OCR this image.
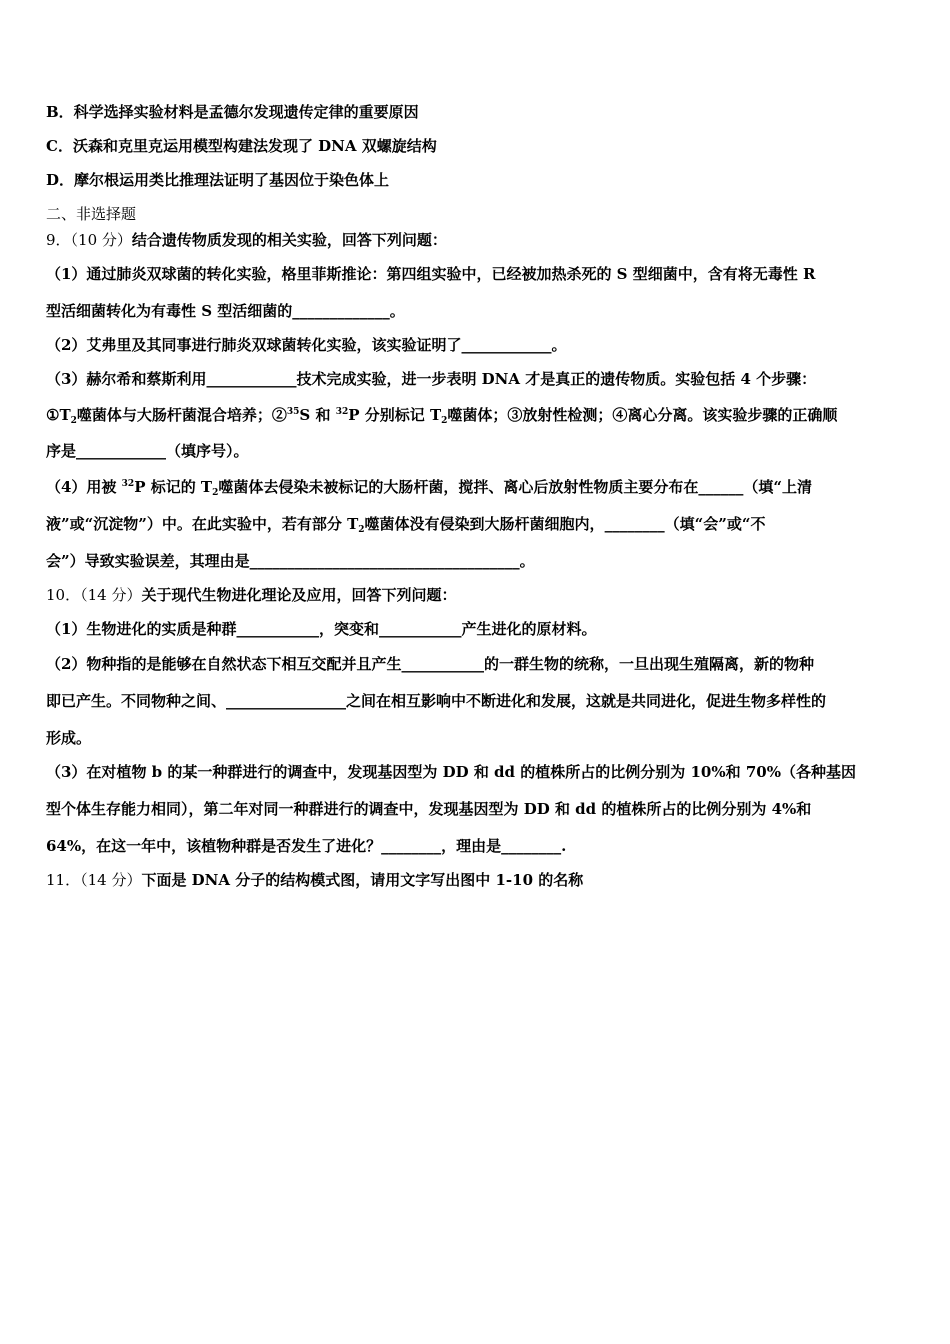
B．科学选择实验材料是孟德尔发现遗传定律的重要原因
C．沃森和克里克运用模型构建法发现了 DNA 双螺旋结构
D．摩尔根运用类比推理法证明了基因位于染色体上
二、非选择题
9．（10 分）结合遗传物质发现的相关实验，回答下列问题：
（1）通过肺炎双球菌的转化实验，格里菲斯推论：第四组实验中，已经被加热杀死的 S 型细菌中，含有将无毒性 R
型活细菌转化为有毒性 S 型活细菌的_____________。
（2）艾弗里及其同事进行肺炎双球菌转化实验，该实验证明了____________。
（3）赫尔希和蔡斯利用____________技术完成实验，进一步表明 DNA 才是真正的遗传物质。实验包括 4 个步骤：
$①T_2$噬菌体与大肠杆菌混合培养；②$^{35}$S 和 $^{32}$P 分别标记 $T_2$噬菌体；③放射性检测；④离心分离。该实验步骤的正确顺
序是____________（填序号）。
（4）用被 $^{32}$P 标记的 $T_2$噬菌体去侵染未被标记的大肠杆菌，搅拌、离心后放射性物质主要分布在______（填“上清
液”或“沉淀物”）中。在此实验中，若有部分 $T_2$噬菌体没有侵染到大肠杆菌细胞内，________（填“会”或“不
会”）导致实验误差，其理由是____________________________________。
10．（14 分）关于现代生物进化理论及应用，回答下列问题：
（1）生物进化的实质是种群___________，突变和___________产生进化的原材料。
（2）物种指的是能够在自然状态下相互交配并且产生___________的一群生物的统称，一旦出现生殖隔离，新的物种
即已产生。不同物种之间、________________之间在相互影响中不断进化和发展，这就是共同进化，促进生物多样性的
形成。
（3）在对植物 b 的某一种群进行的调查中，发现基因型为 DD 和 dd 的植株所占的比例分别为 10%和 70%（各种基因
型个体生存能力相同），第二年对同一种群进行的调查中，发现基因型为 DD 和 dd 的植株所占的比例分别为 4%和
64%，在这一年中，该植物种群是否发生了进化？________，理由是________.
11．（14 分）下面是 DNA 分子的结构模式图，请用文字写出图中 1-10 的名称
